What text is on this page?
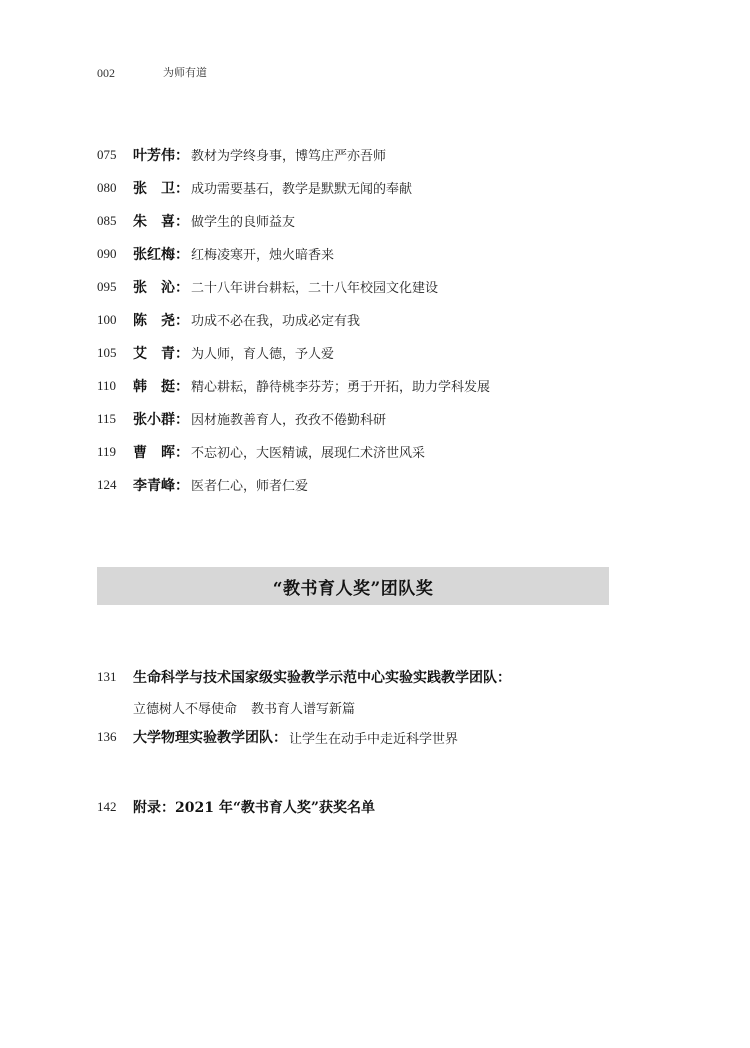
002	为师有道
075	叶芳伟 ： 教材为学终身事，博笃庄严亦吾师
080	张　卫 ： 成功需要基石，教学是默默无闻的奉献
085	朱　喜 ： 做学生的良师益友
090	张红梅 ： 红梅凌寒开，烛火暗香来
095	张　沁 ： 二十八年讲台耕耘，二十八年校园文化建设
100	陈　尧 ： 功成不必在我，功成必定有我
105	艾　青 ： 为人师，育人德，予人爱
110	韩　挺 ： 精心耕耘，静待桃李芬芳；勇于开拓，助力学科发展
115	张小群 ： 因材施教善育人，孜孜不倦勤科研
119	曹　晖 ： 不忘初心，大医精诚，展现仁术济世风采
124	李青峰 ： 医者仁心，师者仁爱
“教书育人奖”团队奖
131	生命科学与技术国家级实验教学示范中心实验实践教学团队 ：
立德树人不辱使命 教书育人谱写新篇
136	大学物理实验教学团队 ： 让学生在动手中走近科学世界
142	附录：2021 年“教书育人奖”获奖名单
